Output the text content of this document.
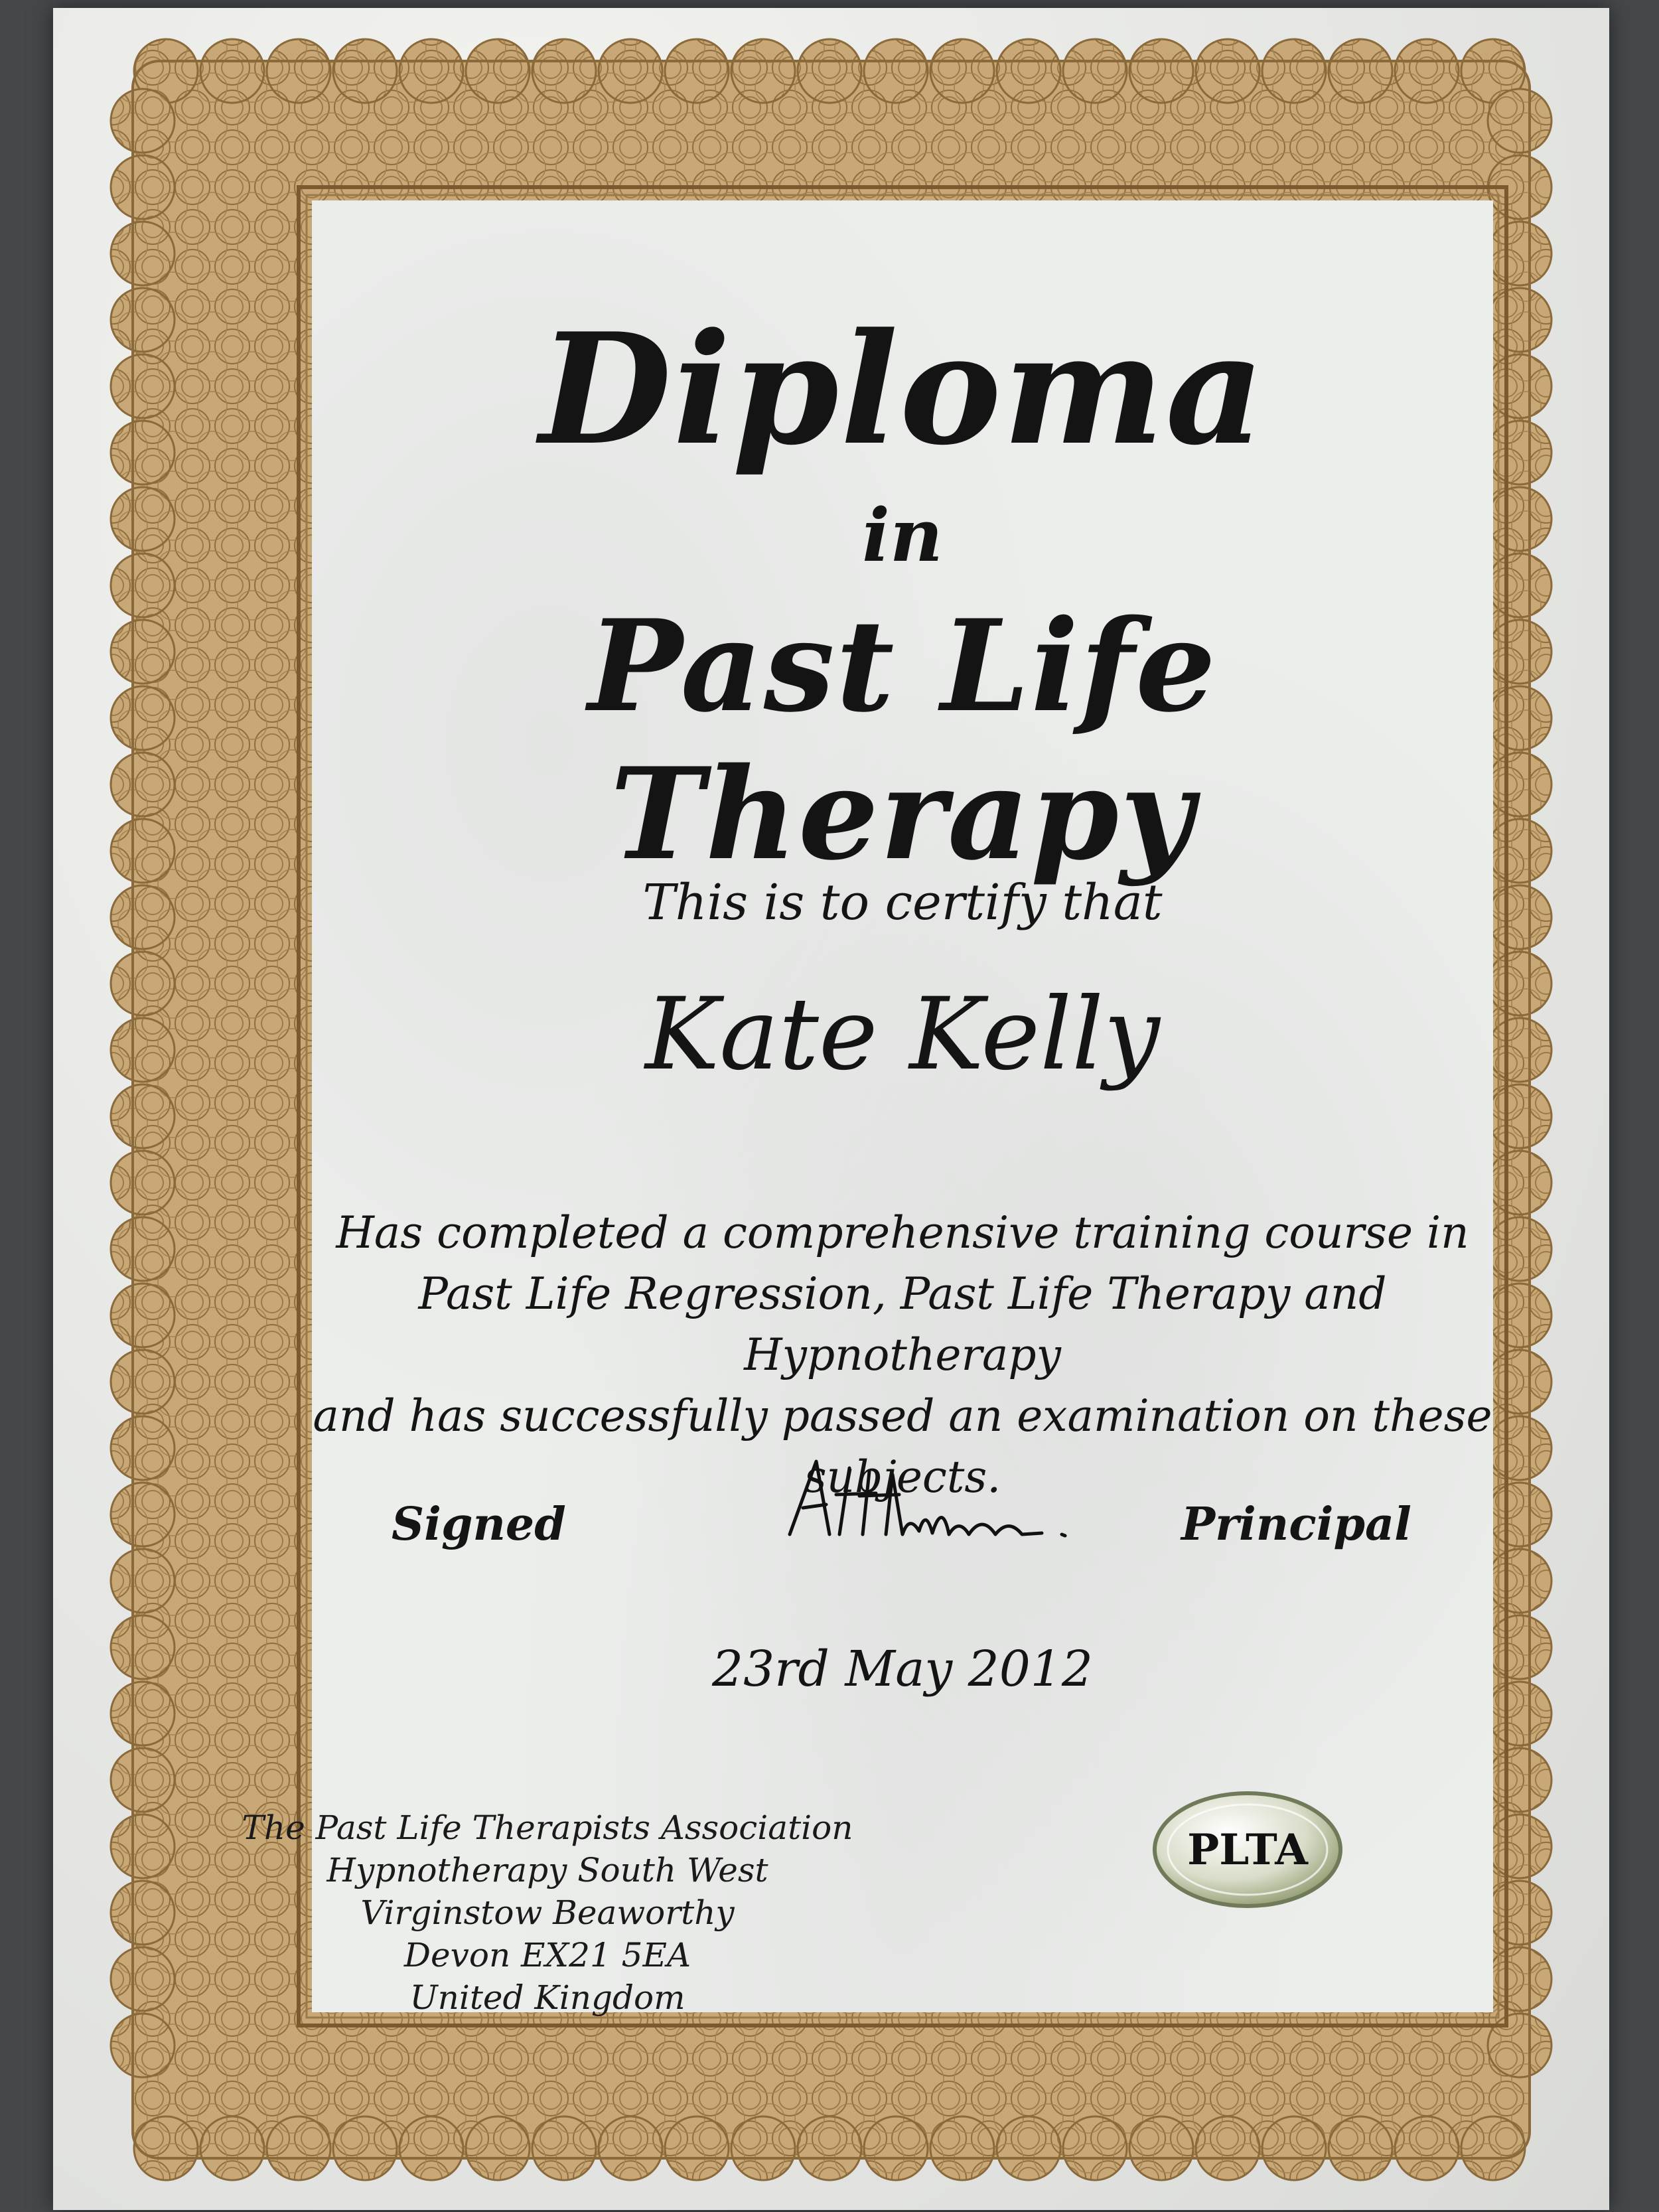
Diploma

in

Past Life Therapy

This is to certify that

Kate Kelly

Has completed a comprehensive training course in
Past Life Regression, Past Life Therapy and Hypnotherapy
and has successfully passed an examination on these subjects.

Signed	Principal

23rd May 2012

The Past Life Therapists Association
Hypnotherapy South West
Virginstow Beaworthy
Devon EX21 5EA
United Kingdom
PLTA
